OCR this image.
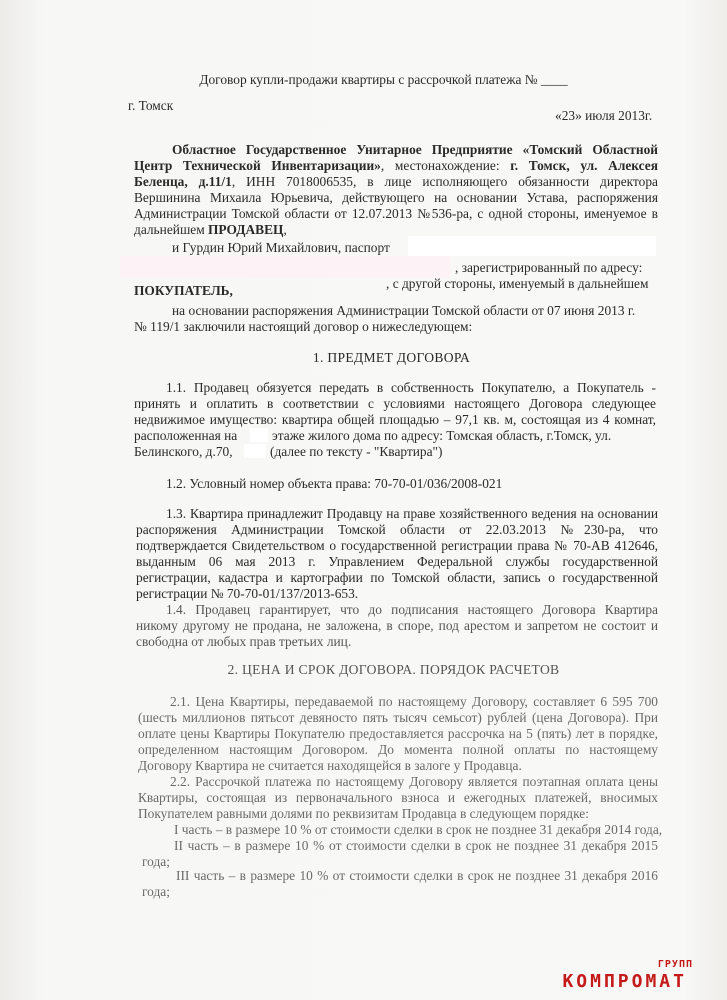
Договор купли-продажи квартиры с рассрочкой платежа № ____
г. Томск
«23» июля 2013г.
Областное Государственное Унитарное Предприятие «Томский Областной
Центр Технической Инвентаризации», местонахождение: г. Томск, ул. Алексея
Беленца, д.11/1, ИНН 7018006535, в лице исполняющего обязанности директора
Вершинина Михаила Юрьевича, действующего на основании Устава, распоряжения
Администрации Томской области от 12.07.2013 №536-ра, с одной стороны, именуемое в
дальнейшем ПРОДАВЕЦ,
и Гурдин Юрий Михайлович, паспорт
, зарегистрированный по адресу:
, с другой стороны, именуемый в дальнейшем
ПОКУПАТЕЛЬ,
на основании распоряжения Администрации Томской области от 07 июня 2013 г.
№ 119/1 заключили настоящий договор о нижеследующем:
1. ПРЕДМЕТ ДОГОВОРА
1.1. Продавец обязуется передать в собственность Покупателю, а Покупатель -
принять и оплатить в соответствии с условиями настоящего Договора следующее
недвижимое имущество: квартира общей площадью – 97,1 кв. м, состоящая из 4 комнат,
расположенная на	этаже жилого дома по адресу: Томская область, г.Томск, ул.
Белинского, д.70,	(далее по тексту - "Квартира")
1.2. Условный номер объекта права: 70-70-01/036/2008-021
1.3. Квартира принадлежит Продавцу на праве хозяйственного ведения на основании
распоряжения Администрации Томской области от 22.03.2013 №230-ра, что
подтверждается Свидетельством о государственной регистрации права № 70-АВ 412646,
выданным 06 мая 2013 г. Управлением Федеральной службы государственной
регистрации, кадастра и картографии по Томской области, запись о государственной
регистрации № 70-70-01/137/2013-653.
1.4. Продавец гарантирует, что до подписания настоящего Договора Квартира
никому другому не продана, не заложена, в споре, под арестом и запретом не состоит и
свободна от любых прав третьих лиц.
2. ЦЕНА И СРОК ДОГОВОРА. ПОРЯДОК РАСЧЕТОВ
2.1. Цена Квартиры, передаваемой по настоящему Договору, составляет 6 595 700
(шесть миллионов пятьсот девяносто пять тысяч семьсот) рублей (цена Договора). При
оплате цены Квартиры Покупателю предоставляется рассрочка на 5 (пять) лет в порядке,
определенном настоящим Договором. До момента полной оплаты по настоящему
Договору Квартира не считается находящейся в залоге у Продавца.
2.2. Рассрочкой платежа по настоящему Договору является поэтапная оплата цены
Квартиры, состоящая из первоначального взноса и ежегодных платежей, вносимых
Покупателем равными долями по реквизитам Продавца в следующем порядке:
I часть – в размере 10 % от стоимости сделки в срок не позднее 31 декабря 2014 года,
II часть – в размере 10 % от стоимости сделки в срок не позднее 31 декабря 2015
года;
III часть – в размере 10 % от стоимости сделки в срок не позднее 31 декабря 2016
года;
ГРУПП
КОМПРОМАТ
